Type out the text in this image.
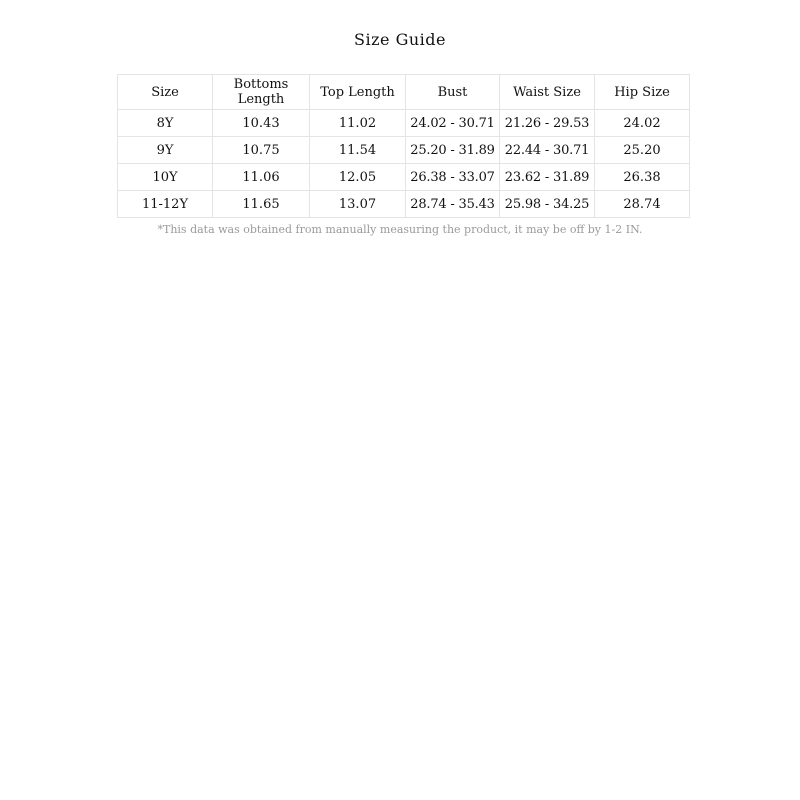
Size Guide
Size	Bottoms Length	Top Length	Bust	Waist Size	Hip Size
8Y	10.43	11.02	24.02 - 30.71	21.26 - 29.53	24.02
9Y	10.75	11.54	25.20 - 31.89	22.44 - 30.71	25.20
10Y	11.06	12.05	26.38 - 33.07	23.62 - 31.89	26.38
11-12Y	11.65	13.07	28.74 - 35.43	25.98 - 34.25	28.74
*This data was obtained from manually measuring the product, it may be off by 1-2 IN.
